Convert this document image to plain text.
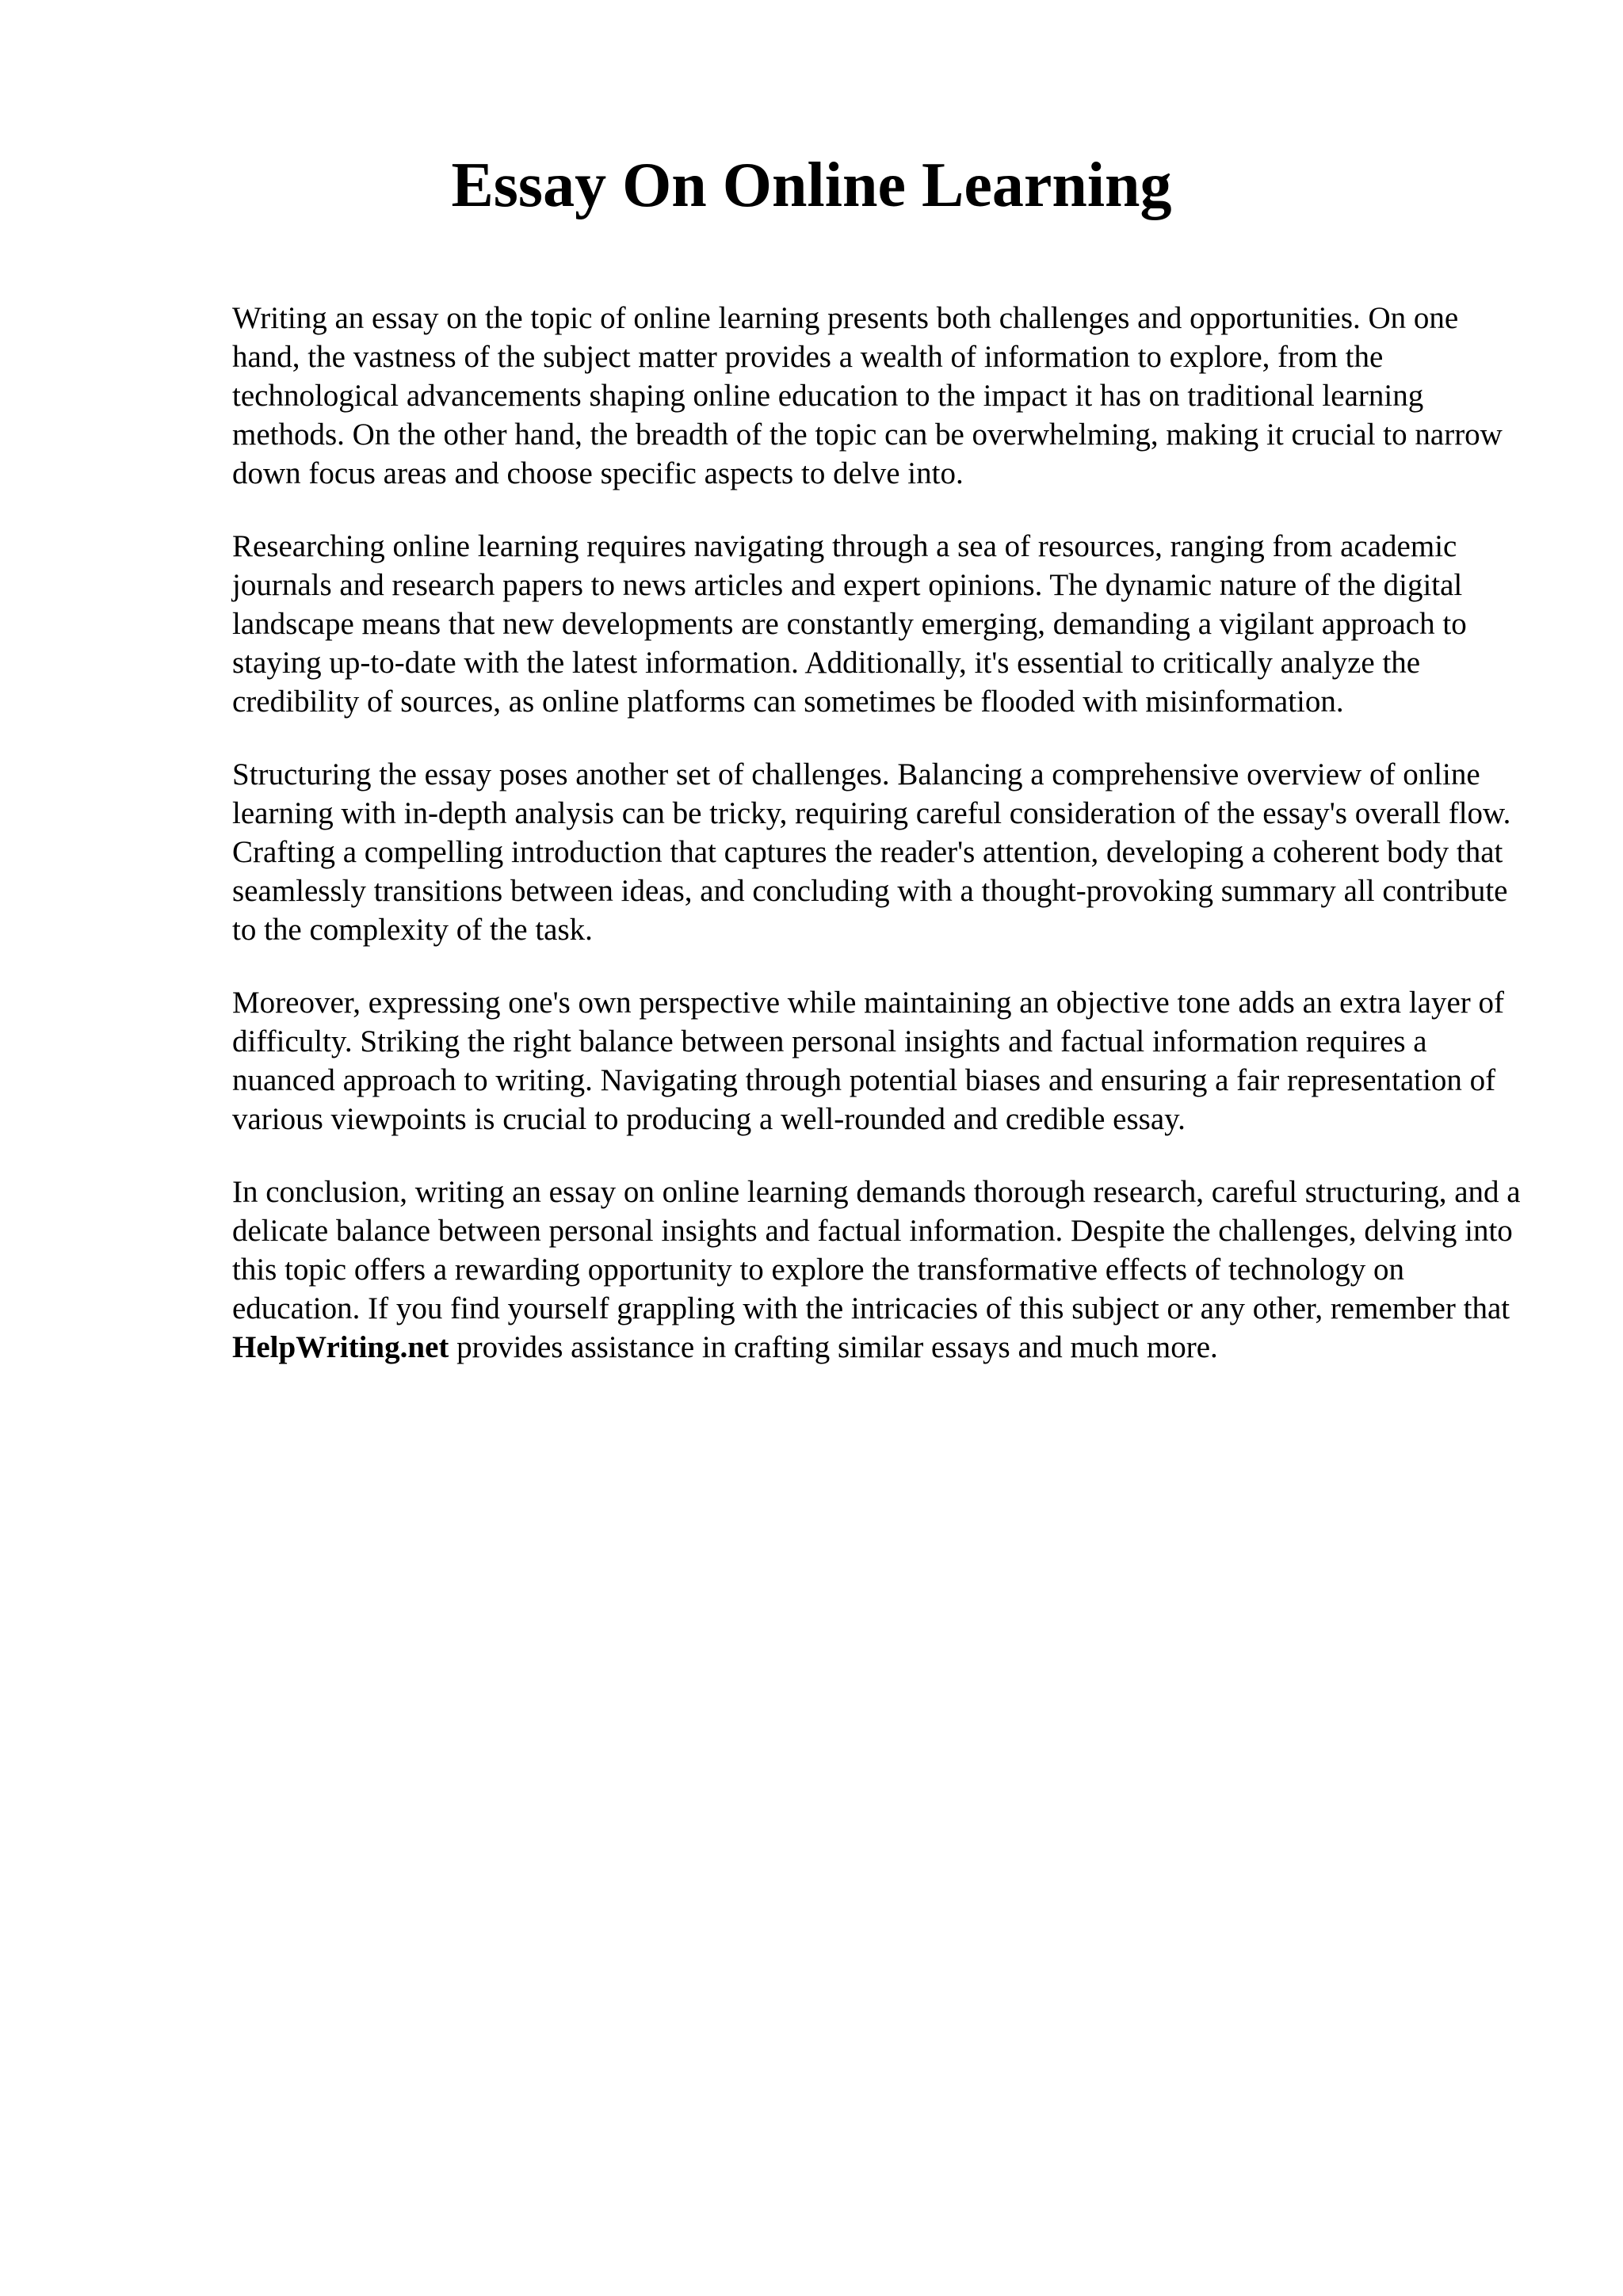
Essay On Online Learning

Writing an essay on the topic of online learning presents both challenges and opportunities. On one hand, the vastness of the subject matter provides a wealth of information to explore, from the technological advancements shaping online education to the impact it has on traditional learning methods. On the other hand, the breadth of the topic can be overwhelming, making it crucial to narrow down focus areas and choose specific aspects to delve into.

Researching online learning requires navigating through a sea of resources, ranging from academic journals and research papers to news articles and expert opinions. The dynamic nature of the digital landscape means that new developments are constantly emerging, demanding a vigilant approach to staying up-to-date with the latest information. Additionally, it's essential to critically analyze the credibility of sources, as online platforms can sometimes be flooded with misinformation.

Structuring the essay poses another set of challenges. Balancing a comprehensive overview of online learning with in-depth analysis can be tricky, requiring careful consideration of the essay's overall flow. Crafting a compelling introduction that captures the reader's attention, developing a coherent body that seamlessly transitions between ideas, and concluding with a thought-provoking summary all contribute to the complexity of the task.

Moreover, expressing one's own perspective while maintaining an objective tone adds an extra layer of difficulty. Striking the right balance between personal insights and factual information requires a nuanced approach to writing. Navigating through potential biases and ensuring a fair representation of various viewpoints is crucial to producing a well-rounded and credible essay.

In conclusion, writing an essay on online learning demands thorough research, careful structuring, and a delicate balance between personal insights and factual information. Despite the challenges, delving into this topic offers a rewarding opportunity to explore the transformative effects of technology on education. If you find yourself grappling with the intricacies of this subject or any other, remember that HelpWriting.net provides assistance in crafting similar essays and much more.
